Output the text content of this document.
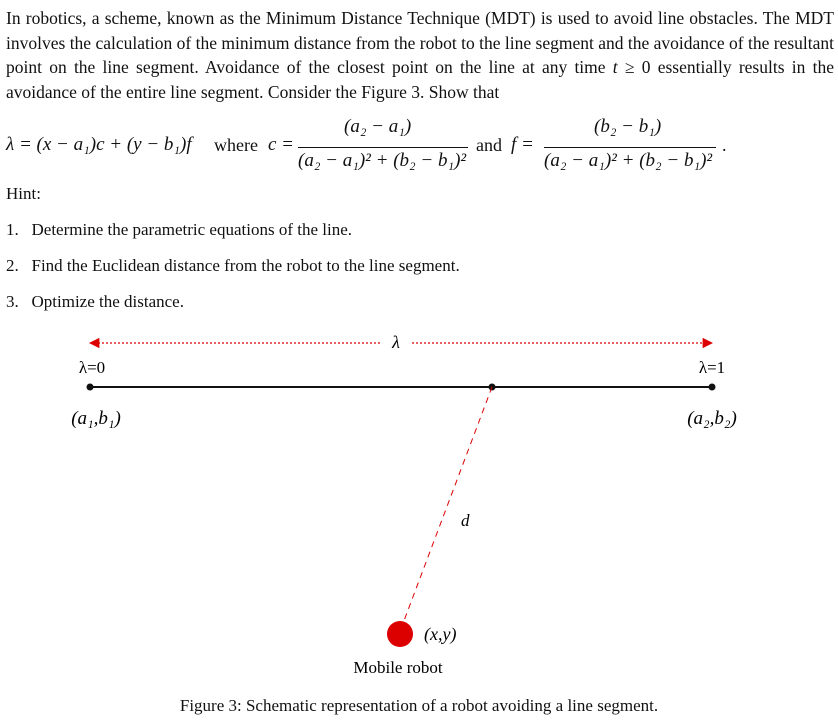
In robotics, a scheme, known as the Minimum Distance Technique (MDT) is used to avoid line obstacles. The MDT involves the calculation of the minimum distance from the robot to the line segment and the avoidance of the resultant point on the line segment. Avoidance of the closest point on the line at any time t ≥ 0 essentially results in the avoidance of the entire line segment. Consider the Figure 3. Show that

λ = (x − a₁)c + (y − b₁)f where c =
(a₂ − a₁)
(a₂ − a₁)² + (b₂ − b₁)²
and f =
(b₂ − b₁)
(a₂ − a₁)² + (b₂ − b₁)²
.
Hint:
1. Determine the parametric equations of the line.
2. Find the Euclidean distance from the robot to the line segment.
3. Optimize the distance.
λ
λ=0	λ=1
(a₁,b₁)	(a₂,b₂)
d
(x,y)
Mobile robot
Figure 3: Schematic representation of a robot avoiding a line segment.
